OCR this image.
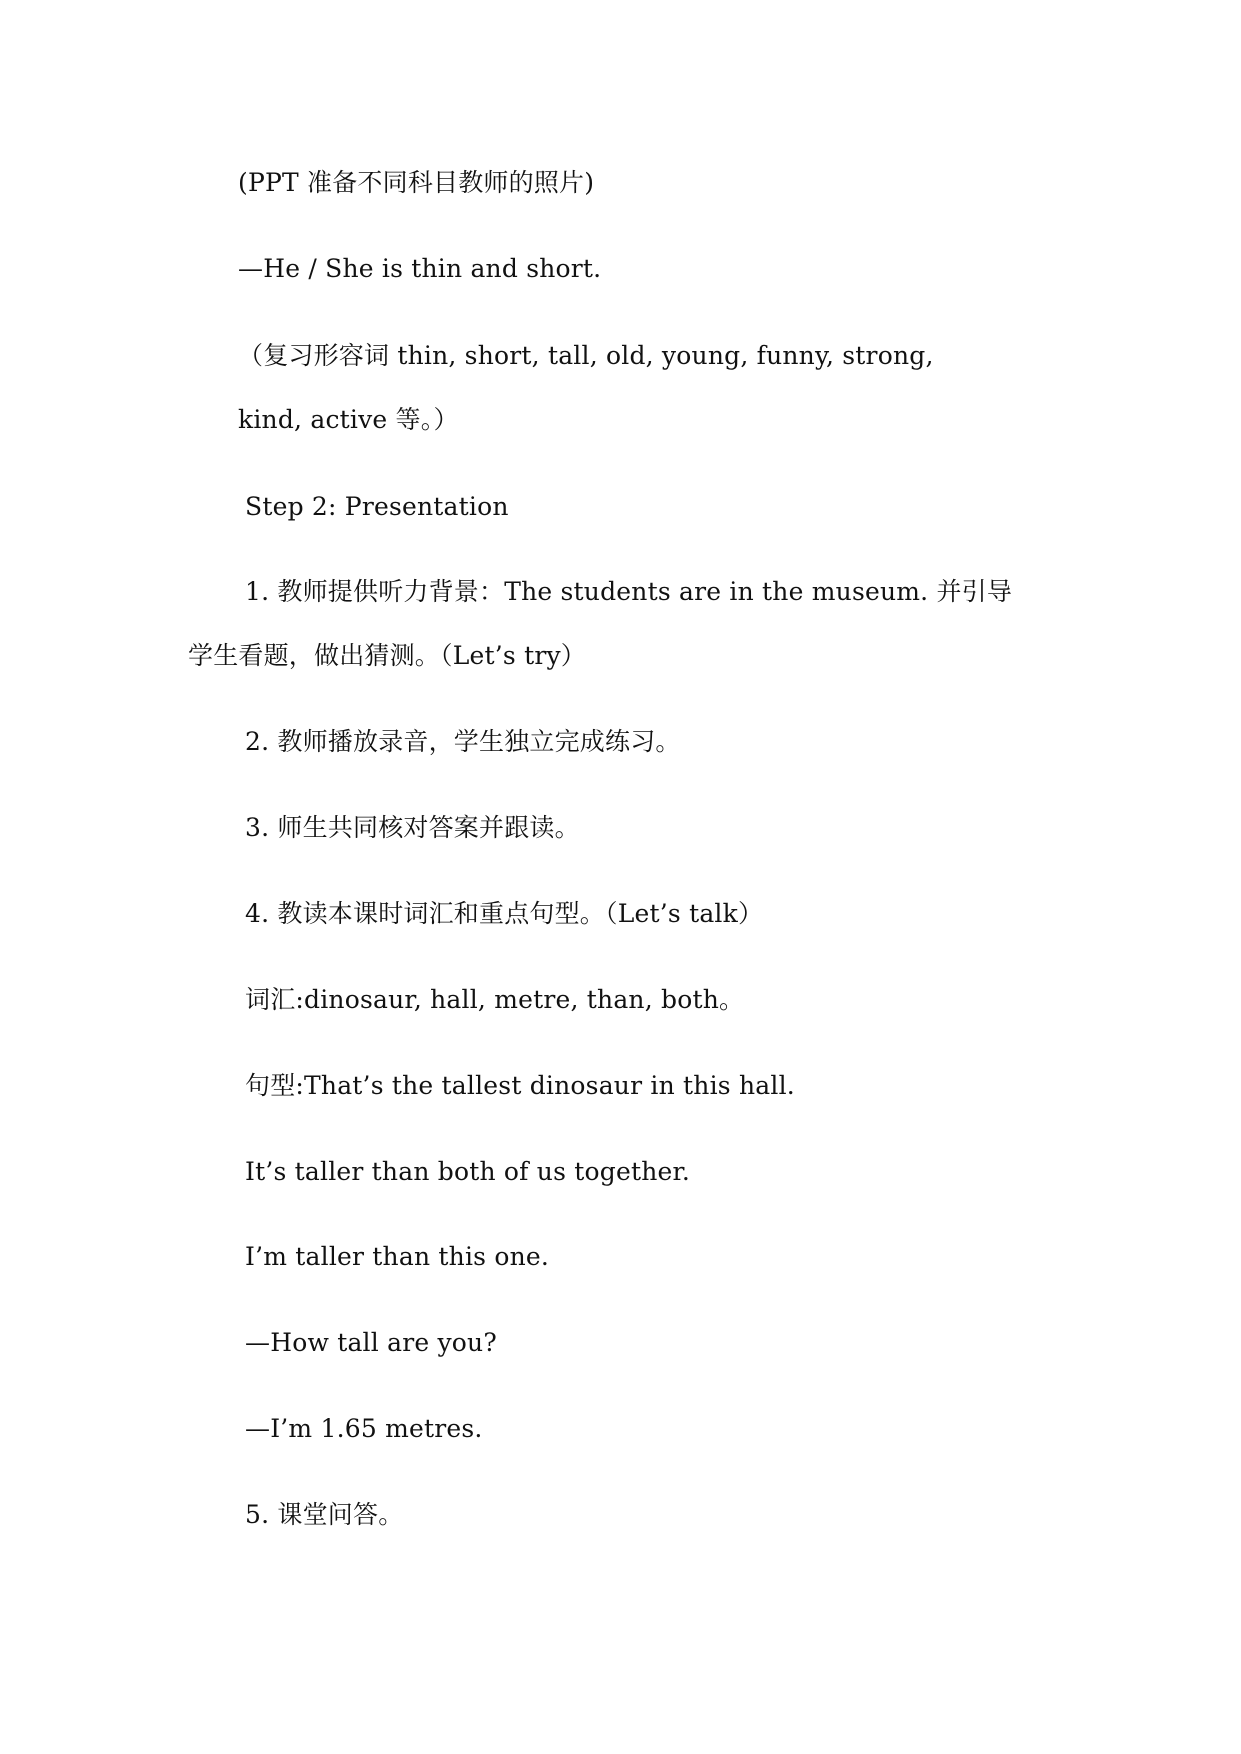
(PPT 准备不同科目教师的照片)
—He / She is thin and short.
（复习形容词 thin, short, tall, old, young, funny, strong,
kind, active 等。）
Step 2: Presentation
1. 教师提供听力背景：The students are in the museum. 并引导
学生看题，做出猜测。（Let’s try）
2. 教师播放录音，学生独立完成练习。
3. 师生共同核对答案并跟读。
4. 教读本课时词汇和重点句型。（Let’s talk）
词汇:dinosaur, hall, metre, than, both。
句型:That’s the tallest dinosaur in this hall.
It’s taller than both of us together.
I’m taller than this one.
—How tall are you?
—I’m 1.65 metres.
5. 课堂问答。
